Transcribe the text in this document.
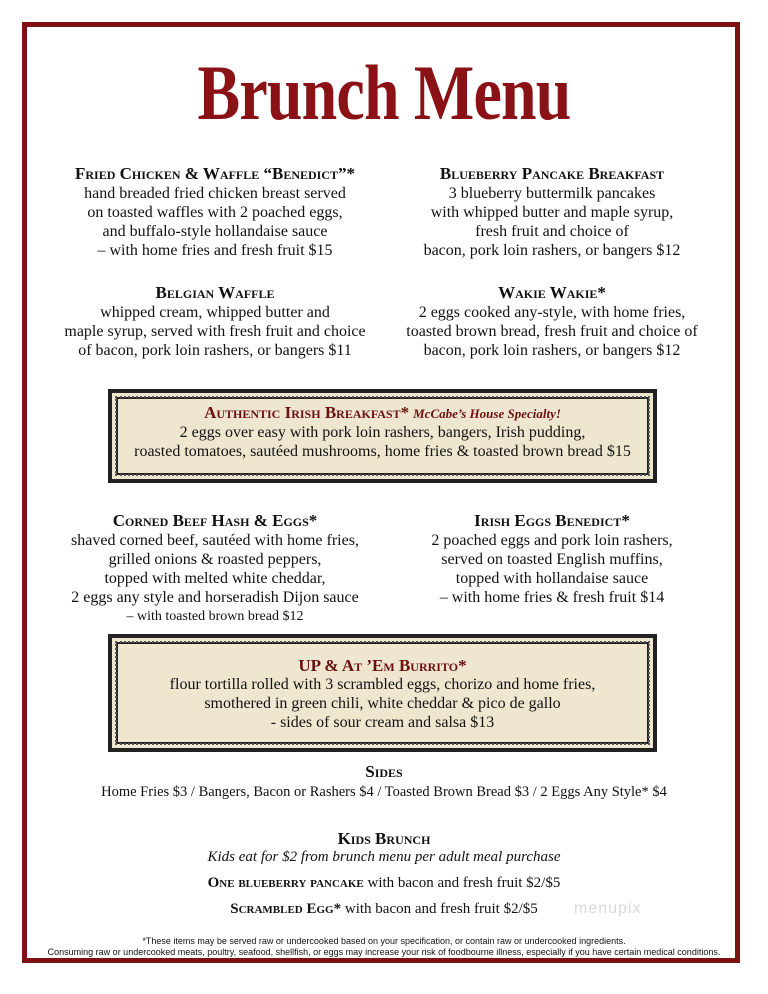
Brunch Menu
Fried Chicken & Waffle “Benedict”*
hand breaded fried chicken breast served
on toasted waffles with 2 poached eggs,
and buffalo-style hollandaise sauce
– with home fries and fresh fruit $15
Blueberry Pancake Breakfast
3 blueberry buttermilk pancakes
with whipped butter and maple syrup,
fresh fruit and choice of
bacon, pork loin rashers, or bangers $12
Belgian Waffle
whipped cream, whipped butter and
maple syrup, served with fresh fruit and choice
of bacon, pork loin rashers, or bangers $11
Wakie Wakie*
2 eggs cooked any-style, with home fries,
toasted brown bread, fresh fruit and choice of
bacon, pork loin rashers, or bangers $12
Authentic Irish Breakfast* McCabe’s House Specialty!
2 eggs over easy with pork loin rashers, bangers, Irish pudding,
roasted tomatoes, sautéed mushrooms, home fries & toasted brown bread $15
Corned Beef Hash & Eggs*
shaved corned beef, sautéed with home fries,
grilled onions & roasted peppers,
topped with melted white cheddar,
2 eggs any style and horseradish Dijon sauce
– with toasted brown bread $12
Irish Eggs Benedict*
2 poached eggs and pork loin rashers,
served on toasted English muffins,
topped with hollandaise sauce
– with home fries & fresh fruit $14
UP & At ’Em Burrito*
flour tortilla rolled with 3 scrambled eggs, chorizo and home fries,
smothered in green chili, white cheddar & pico de gallo
- sides of sour cream and salsa $13
Sides
Home Fries $3 / Bangers, Bacon or Rashers $4 / Toasted Brown Bread $3 / 2 Eggs Any Style* $4
Kids Brunch
Kids eat for $2 from brunch menu per adult meal purchase
One blueberry pancake with bacon and fresh fruit $2/$5
Scrambled Egg* with bacon and fresh fruit $2/$5	menupix
*These items may be served raw or undercooked based on your specification, or contain raw or undercooked ingredients.
Consuming raw or undercooked meats, poultry, seafood, shellfish, or eggs may increase your risk of foodbourne illness, especially if you have certain medical conditions.
